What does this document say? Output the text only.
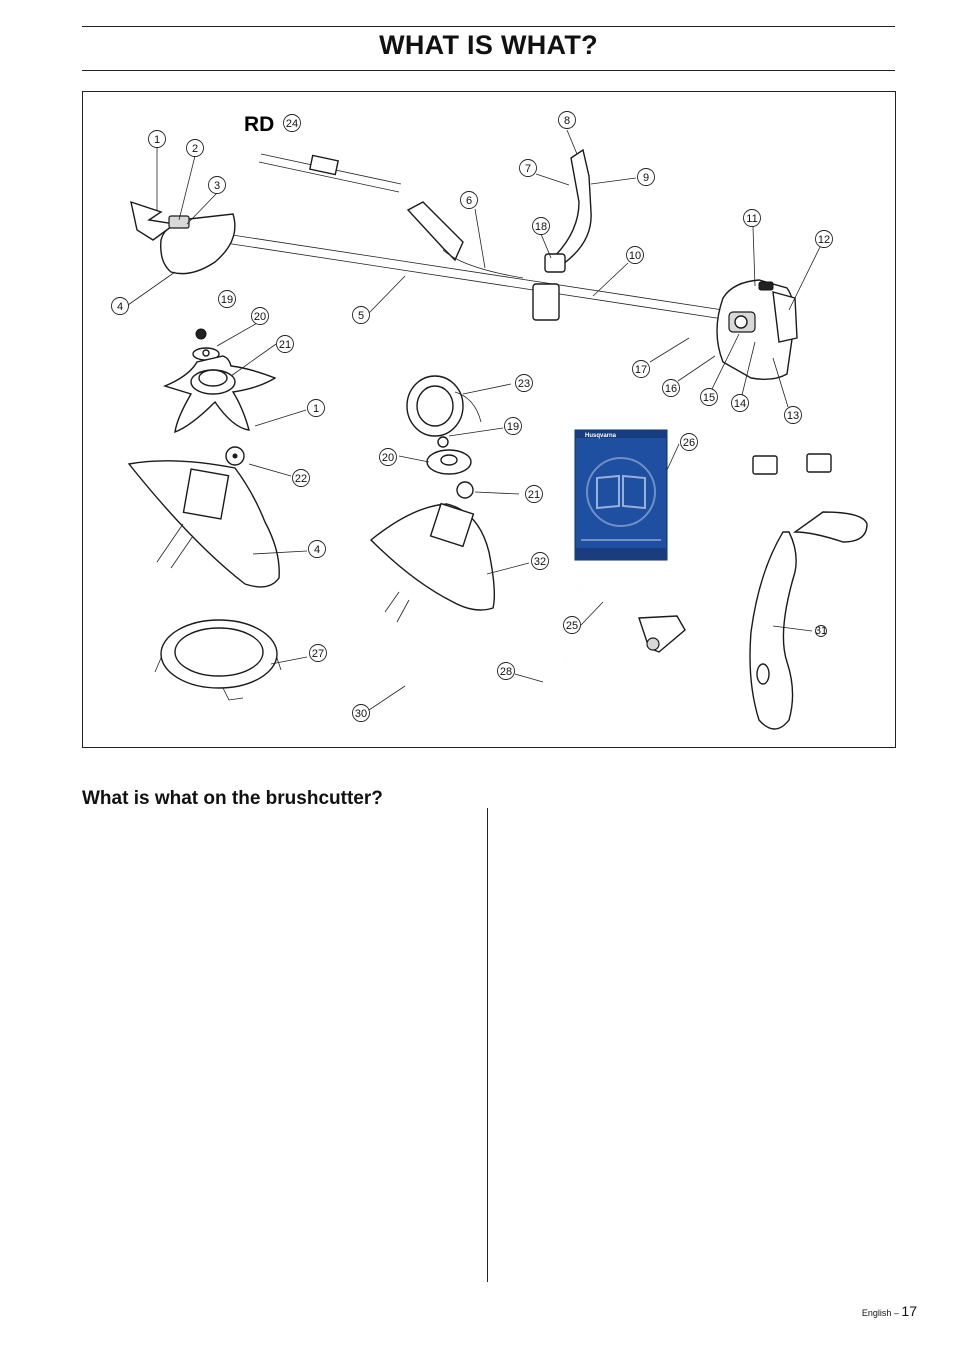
WHAT IS WHAT?
RD
Husqvarna
1
2
3
4
5
6
7
8
9
10
11
12
13
14
15
16
17
18
19
20
21
1
22
4
23
19
20
21
32
24
26
25
27
28
30
31
What is what on the brushcutter?
English – 17
